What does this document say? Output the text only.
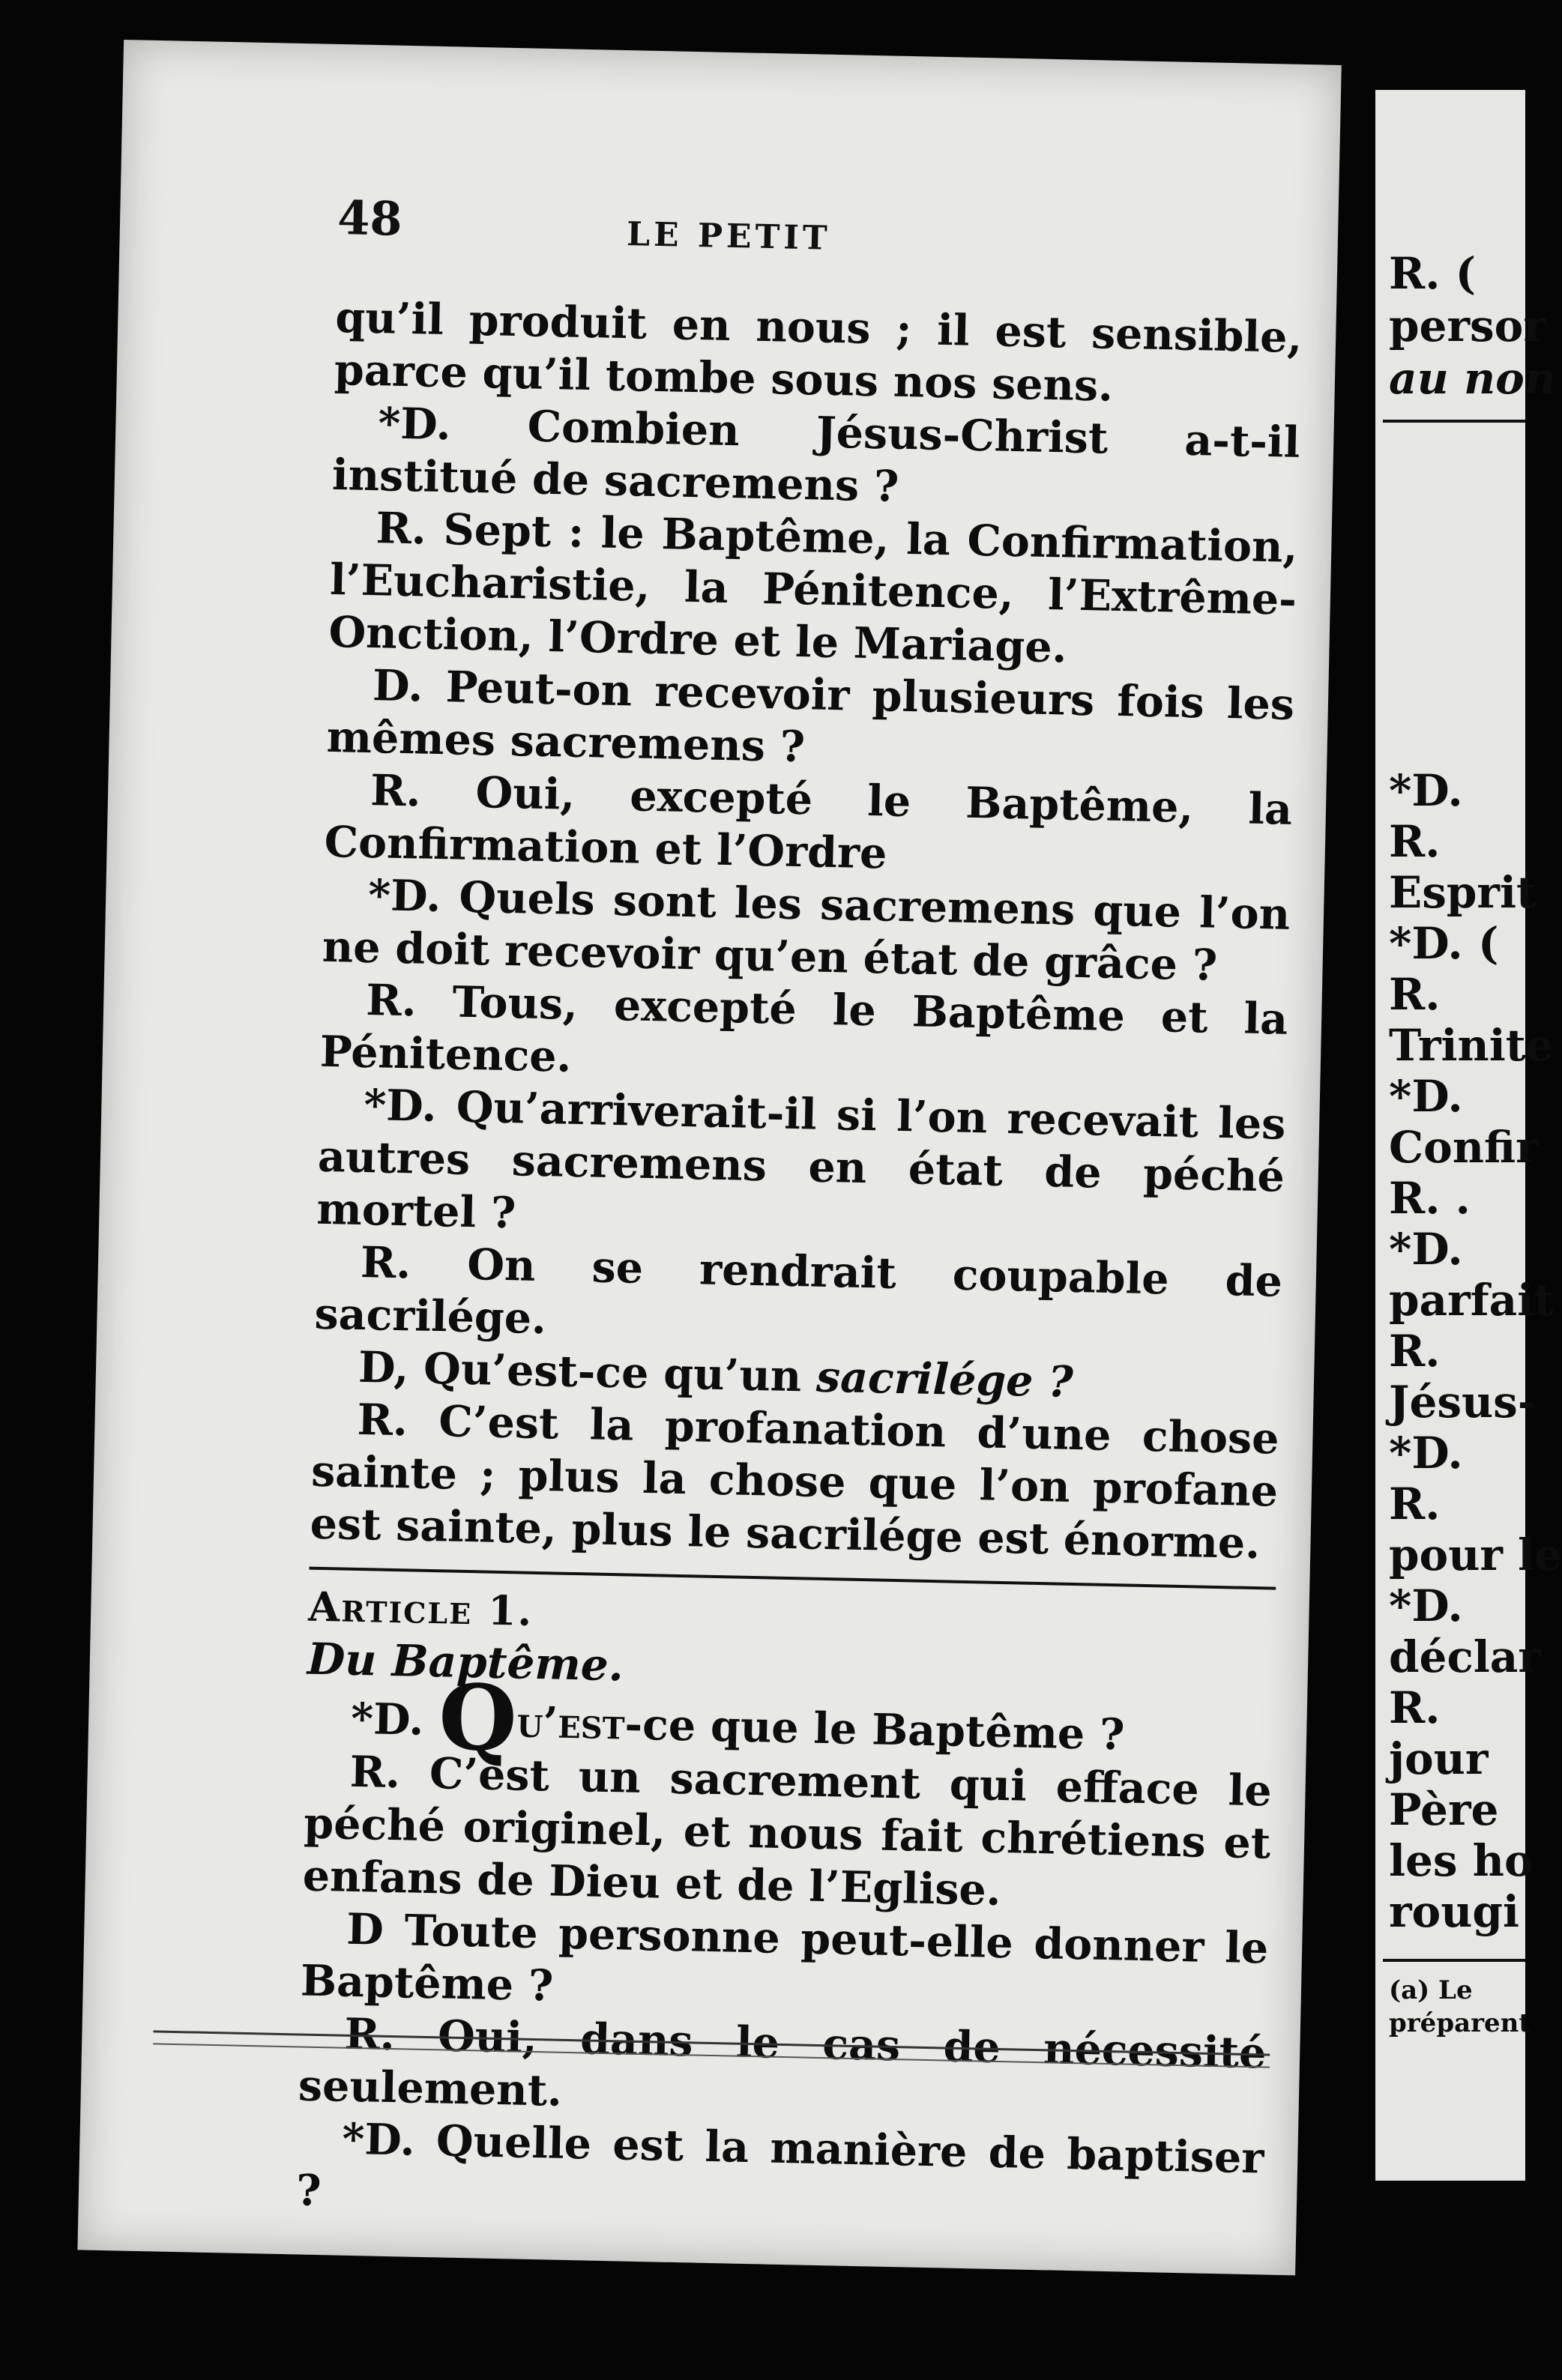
48	LE PETIT

qu’il produit en nous ; il est sensible, parce qu’il tombe sous nos sens.

*D. Combien Jésus-Christ a-t-il institué de sacremens ?

R. Sept : le Baptême, la Confirmation, l’Eucharistie, la Pénitence, l’Extrême-Onction, l’Ordre et le Mariage.

D. Peut-on recevoir plusieurs fois les mêmes sacremens ?

R. Oui, excepté le Baptême, la Confirmation et l’Ordre

*D. Quels sont les sacremens que l’on ne doit recevoir qu’en état de grâce ?

R. Tous, excepté le Baptême et la Pénitence.

*D. Qu’arriverait-il si l’on recevait les autres sacremens en état de péché mortel ?

R. On se rendrait coupable de sacrilége.

D, Qu’est-ce qu’un sacrilége ?

R. C’est la profanation d’une chose sainte ; plus la chose que l’on profane est sainte, plus le sacrilége est énorme.

Article 1.

Du Baptême.

*D. Qu’est-ce que le Baptême ?

R. C’est un sacrement qui efface le péché originel, et nous fait chrétiens et enfans de Dieu et de l’Eglise.

D Toute personne peut-elle donner le Baptême ?

R. Oui, dans le cas de nécessité seulement.

*D. Quelle est la manière de baptiser ?

R. (
persor
au non
*D.
R.
Esprit
*D. (
R.
Trinite
*D.
Confir
R. .
*D.
parfait
R.
Jésus-
*D.
R.
pour le
*D.
déclar
R.
jour
Père
les ho
rougi
(a) Le
préparent
